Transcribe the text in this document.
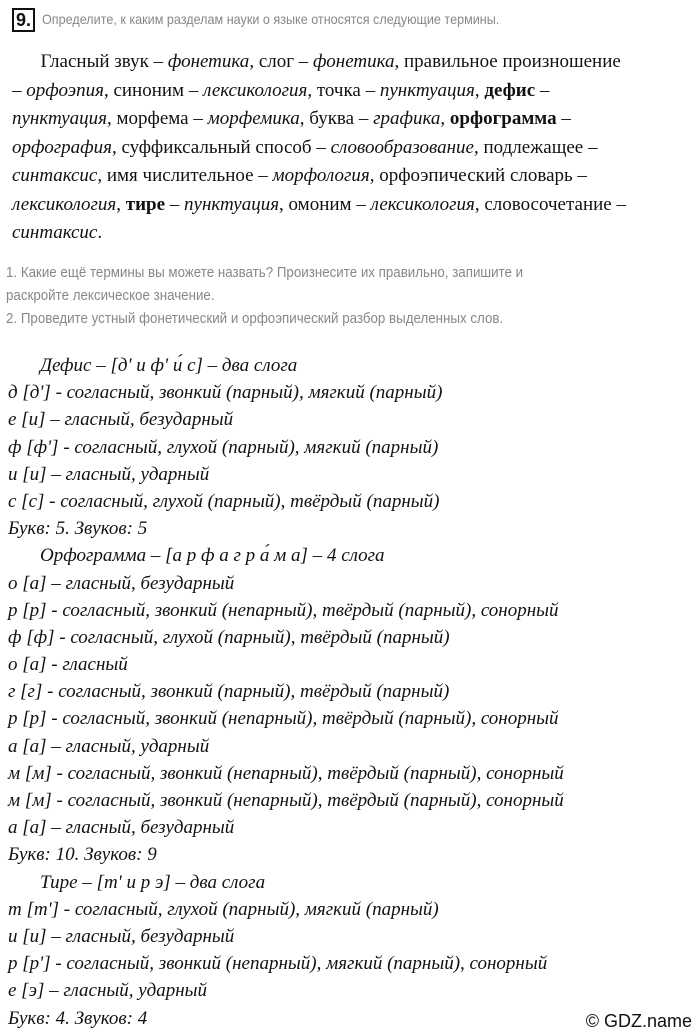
9. Определите, к каким разделам науки о языке относятся следующие термины.
Гласный звук – фонетика, слог – фонетика, правильное произношение
– орфоэпия, синоним – лексикология, точка – пунктуация, дефис –
пунктуация, морфема – морфемика, буква – графика, орфограмма –
орфография, суффиксальный способ – словообразование, подлежащее –
синтаксис, имя числительное – морфология, орфоэпический словарь –
лексикология, тире – пунктуация, омоним – лексикология, словосочетание –
синтаксис.
1. Какие ещё термины вы можете назвать? Произнесите их правильно, запишите и
раскройте лексическое значение.
2. Проведите устный фонетический и орфоэпический разбор выделенных слов.
Дефис – [д' и ф' и́ с] – два слога
д [д'] - согласный, звонкий (парный), мягкий (парный)
е [и] – гласный, безударный
ф [ф'] - согласный, глухой (парный), мягкий (парный)
и [и] – гласный, ударный
с [с] - согласный, глухой (парный), твёрдый (парный)
Букв: 5. Звуков: 5
Орфограмма – [а р ф а г р а́ м а] – 4 слога
о [а] – гласный, безударный
р [р] - согласный, звонкий (непарный), твёрдый (парный), сонорный
ф [ф] - согласный, глухой (парный), твёрдый (парный)
о [а] - гласный
г [г] - согласный, звонкий (парный), твёрдый (парный)
р [р] - согласный, звонкий (непарный), твёрдый (парный), сонорный
а [а] – гласный, ударный
м [м] - согласный, звонкий (непарный), твёрдый (парный), сонорный
м [м] - согласный, звонкий (непарный), твёрдый (парный), сонорный
а [а] – гласный, безударный
Букв: 10. Звуков: 9
Тире – [т' и р э] – два слога
т [т'] - согласный, глухой (парный), мягкий (парный)
и [и] – гласный, безударный
р [р'] - согласный, звонкий (непарный), мягкий (парный), сонорный
е [э] – гласный, ударный
Букв: 4. Звуков: 4	© GDZ.name
